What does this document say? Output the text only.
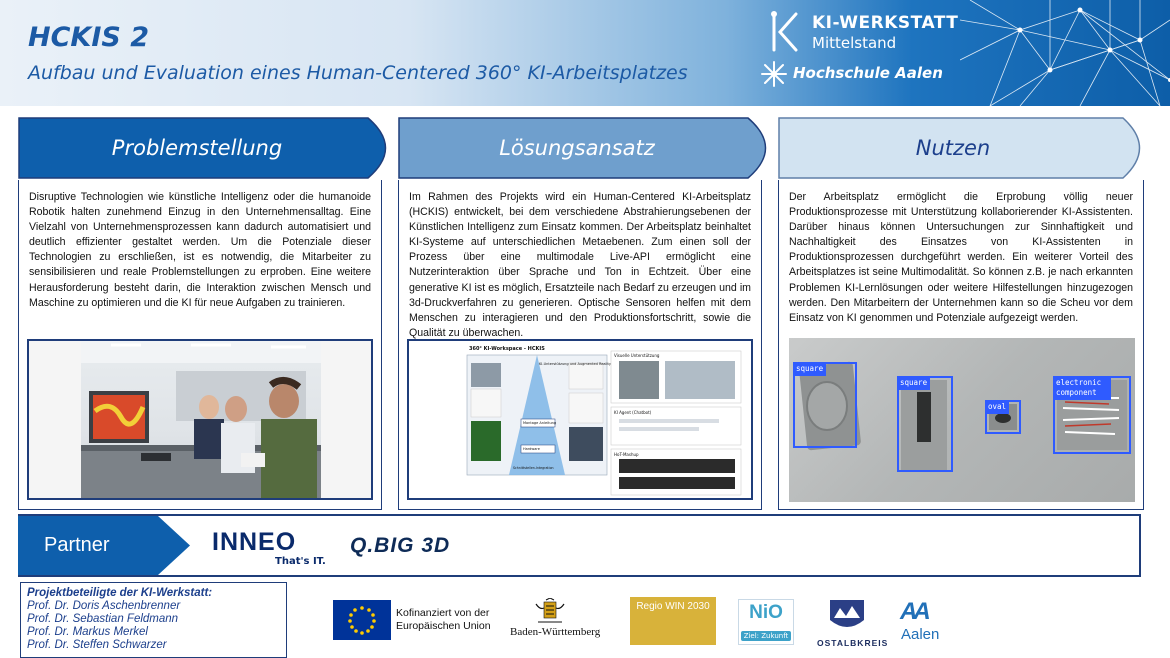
HCKIS 2
Aufbau und Evaluation eines Human-Centered 360° KI-Arbeitsplatzes
KI-WERKSTATT
Mittelstand
Hochschule Aalen
Problemstellung	Lösungsansatz	Nutzen
Disruptive Technologien wie künstliche Intelligenz oder die humanoide Robotik halten zunehmend Einzug in den Unternehmensalltag. Eine Vielzahl von Unternehmensprozessen kann dadurch automatisiert und deutlich effizienter gestaltet werden. Um die Potenziale dieser Technologien zu erschließen, ist es notwendig, die Mitarbeiter zu sensibilisieren und reale Problemstellungen zu erproben. Eine weitere Herausforderung besteht darin, die Interaktion zwischen Mensch und Maschine zu optimieren und die KI für neue Aufgaben zu trainieren.
Im Rahmen des Projekts wird ein Human-Centered KI-Arbeitsplatz (HCKIS) entwickelt, bei dem verschiedene Abstrahierungsebenen der Künstlichen Intelligenz zum Einsatz kommen. Der Arbeitsplatz beinhaltet KI-Systeme auf unterschiedlichen Metaebenen. Zum einen soll der Prozess über eine multimodale Live-API ermöglicht eine Nutzerinteraktion über Sprache und Ton in Echtzeit. Über eine generative KI ist es möglich, Ersatzteile nach Bedarf zu erzeugen und im 3d-Druckverfahren zu generieren. Optische Sensoren helfen mit dem Menschen zu interagieren und den Produktionsfortschritt, sowie die Qualität zu überwachen.
360° KI-Workspace - HCKIS
KI-Unterstützung und Augmented Reality
Montage Anleitung
Hardware
Schnittstellen-Integration
Visuelle Unterstützung
KI Agent (Chatbot)
HoT-Mashup
Der Arbeitsplatz ermöglicht die Erprobung völlig neuer Produktionsprozesse mit Unterstützung kollaborierender KI-Assistenten. Darüber hinaus können Untersuchungen zur Sinnhaftigkeit und Nachhaltigkeit des Einsatzes von KI-Assistenten in Produktionsprozessen durchgeführt werden. Ein weiterer Vorteil des Arbeitsplatzes ist seine Multimodalität. So können z.B. je nach erkannten Problemen KI-Lernlösungen oder weitere Hilfestellungen hinzugezogen werden. Den Mitarbeitern der Unternehmen kann so die Scheu vor dem Einsatz von KI genommen und Potenziale aufgezeigt werden.
square
square
oval
electronic component
Partner	INNEO
That's IT.
Q.BIG 3D
Projektbeteiligte der KI-Werkstatt:
Prof. Dr. Doris Aschenbrenner
Prof. Dr. Sebastian Feldmann
Prof. Dr. Markus Merkel
Prof. Dr. Steffen Schwarzer
Kofinanziert von der
Europäischen Union Baden-Württemberg
Regio WIN 2030	NiO
Ziel: Zukunft
OSTALBKREIS
AA
Aalen
